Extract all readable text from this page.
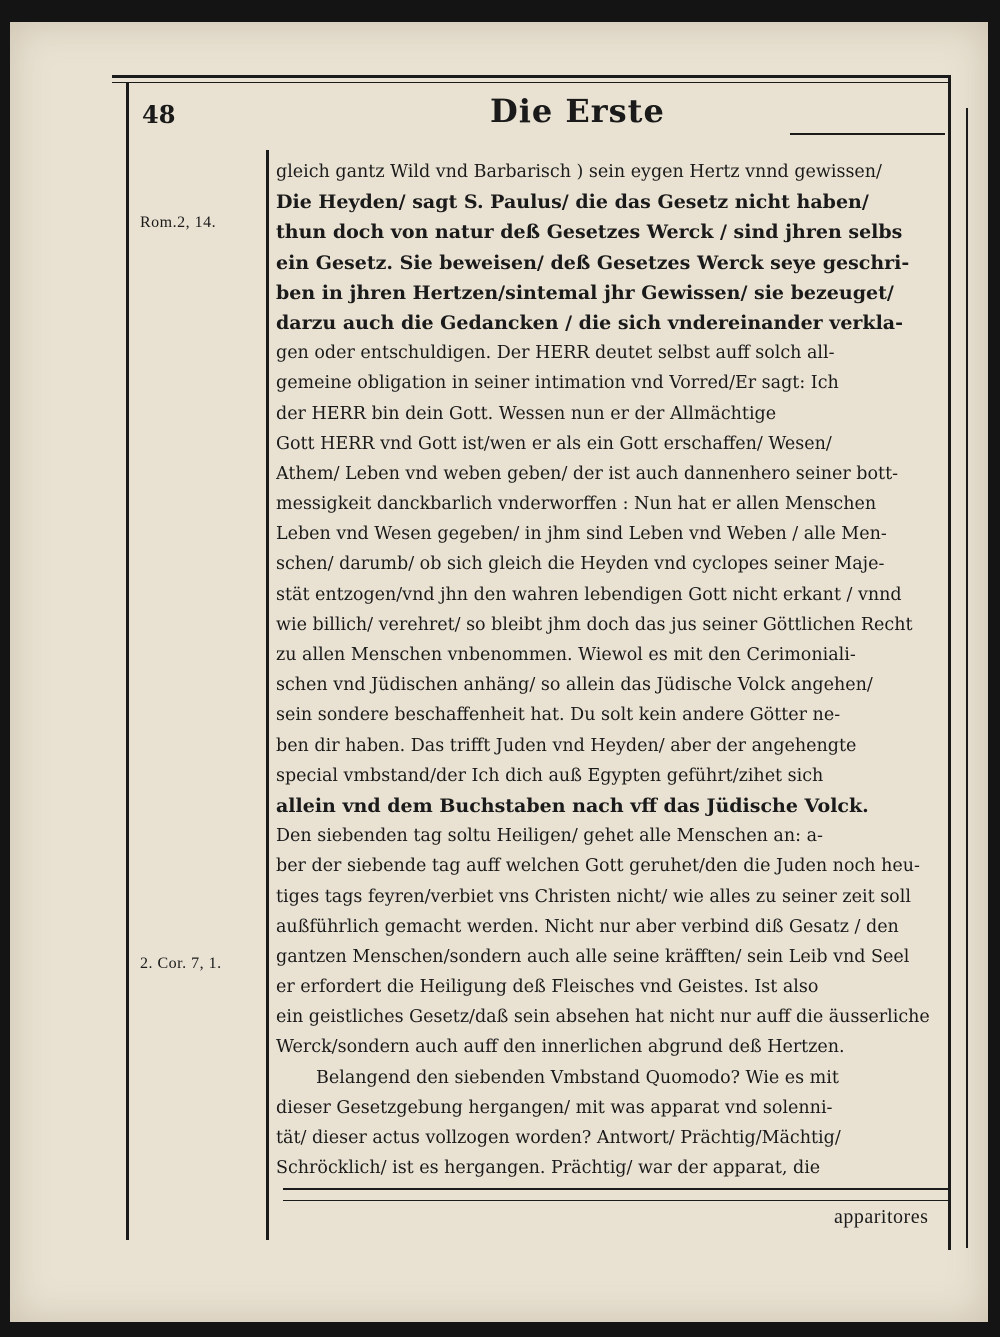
48	Die Erste
Rom.2, 14.
2. Cor. 7, 1.
gleich gantz Wild vnd Barbarisch ) sein eygen Hertz vnnd gewissen/
Die Heyden/ sagt S. Paulus/ die das Gesetz nicht haben/
thun doch von natur deß Gesetzes Werck / sind jhren selbs
ein Gesetz. Sie beweisen/ deß Gesetzes Werck seye geschri-
ben in jhren Hertzen/sintemal jhr Gewissen/ sie bezeuget/
darzu auch die Gedancken / die sich vndereinander verkla-
gen oder entschuldigen. Der HERR deutet selbst auff solch all-
gemeine obligation in seiner intimation vnd Vorred/Er sagt: Ich
der HERR bin dein Gott. Wessen nun er der Allmächtige
Gott HERR vnd Gott ist/wen er als ein Gott erschaffen/ Wesen/
Athem/ Leben vnd weben geben/ der ist auch dannenhero seiner bott-
messigkeit danckbarlich vnderworffen : Nun hat er allen Menschen
Leben vnd Wesen gegeben/ in jhm sind Leben vnd Weben / alle Men-
schen/ darumb/ ob sich gleich die Heyden vnd cyclopes seiner Maje-
stät entzogen/vnd jhn den wahren lebendigen Gott nicht erkant / vnnd
wie billich/ verehret/ so bleibt jhm doch das jus seiner Göttlichen Recht
zu allen Menschen vnbenommen. Wiewol es mit den Cerimoniali-
schen vnd Jüdischen anhäng/ so allein das Jüdische Volck angehen/
sein sondere beschaffenheit hat. Du solt kein andere Götter ne-
ben dir haben. Das trifft Juden vnd Heyden/ aber der angehengte
special vmbstand/der Ich dich auß Egypten geführt/zihet sich
allein vnd dem Buchstaben nach vff das Jüdische Volck.
Den siebenden tag soltu Heiligen/ gehet alle Menschen an: a-
ber der siebende tag auff welchen Gott geruhet/den die Juden noch heu-
tiges tags feyren/verbiet vns Christen nicht/ wie alles zu seiner zeit soll
außführlich gemacht werden. Nicht nur aber verbind diß Gesatz / den
gantzen Menschen/sondern auch alle seine kräfften/ sein Leib vnd Seel
er erfordert die Heiligung deß Fleisches vnd Geistes. Ist also
ein geistliches Gesetz/daß sein absehen hat nicht nur auff die äusserliche
Werck/sondern auch auff den innerlichen abgrund deß Hertzen.
Belangend den siebenden Vmbstand Quomodo? Wie es mit
dieser Gesetzgebung hergangen/ mit was apparat vnd solenni-
tät/ dieser actus vollzogen worden? Antwort/ Prächtig/Mächtig/
Schröcklich/ ist es hergangen. Prächtig/ war der apparat, die
apparitores
